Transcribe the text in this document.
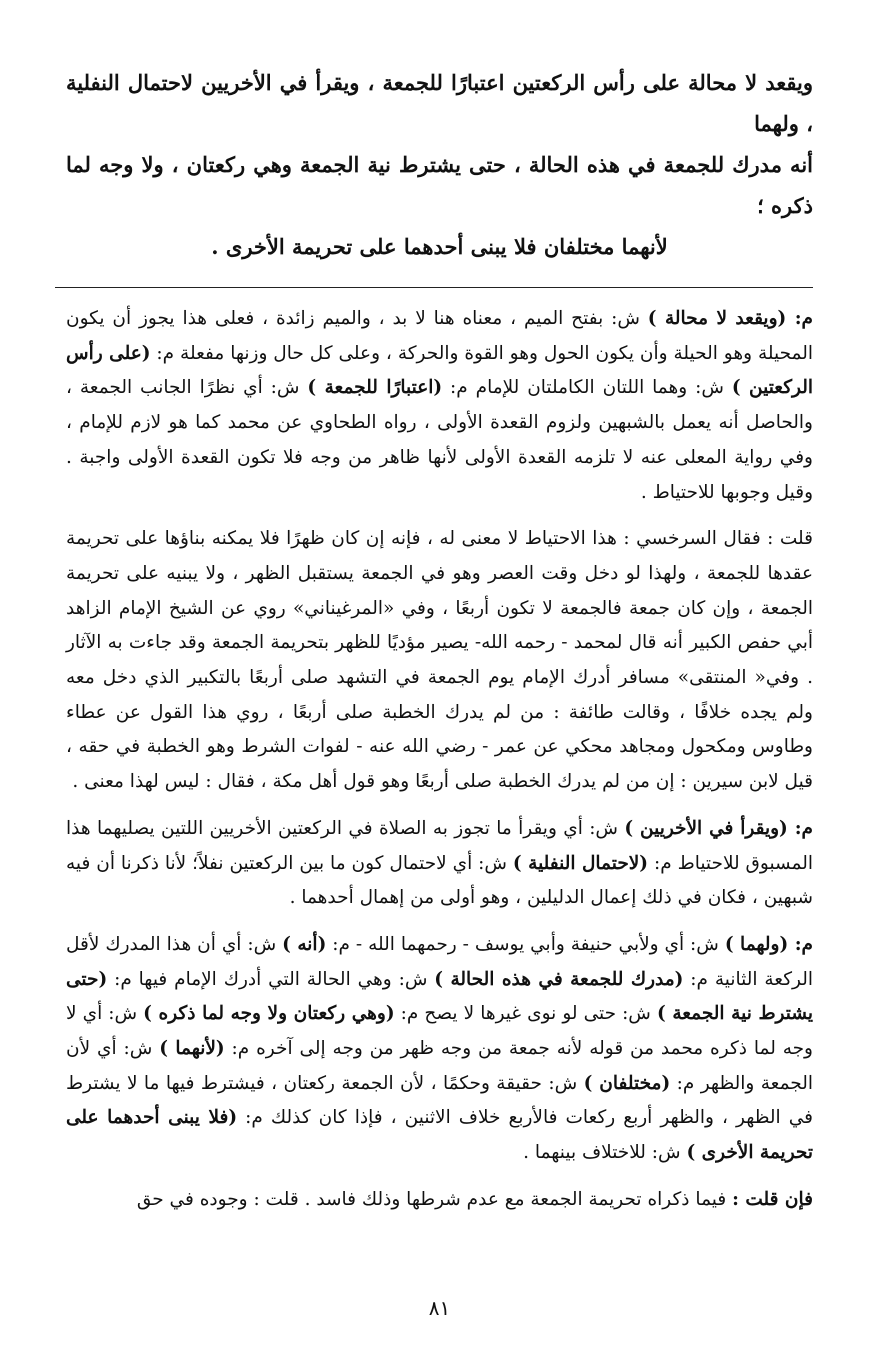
ويقعد لا محالة على رأس الركعتين اعتبارًا للجمعة ، ويقرأ في الأخريين لاحتمال النفلية ، ولهما

أنه مدرك للجمعة في هذه الحالة ، حتى يشترط نية الجمعة وهي ركعتان ، ولا وجه لما ذكره ؛

لأنهما مختلفان فلا يبنى أحدهما على تحريمة الأخرى .

م: (ويقعد لا محالة ) ش: بفتح الميم ، معناه هنا لا بد ، والميم زائدة ، فعلى هذا يجوز أن يكون المحيلة وهو الحيلة وأن يكون الحول وهو القوة والحركة ، وعلى كل حال وزنها مفعلة م: (على رأس الركعتين ) ش: وهما اللتان الكاملتان للإمام م: (اعتبارًا للجمعة ) ش: أي نظرًا الجانب الجمعة ، والحاصل أنه يعمل بالشبهين ولزوم القعدة الأولى ، رواه الطحاوي عن محمد كما هو لازم للإمام ، وفي رواية المعلى عنه لا تلزمه القعدة الأولى لأنها ظاهر من وجه فلا تكون القعدة الأولى واجبة . وقيل وجوبها للاحتياط .

قلت : فقال السرخسي : هذا الاحتياط لا معنى له ، فإنه إن كان ظهرًا فلا يمكنه بناؤها على تحريمة عقدها للجمعة ، ولهذا لو دخل وقت العصر وهو في الجمعة يستقبل الظهر ، ولا يبنيه على تحريمة الجمعة ، وإن كان جمعة فالجمعة لا تكون أربعًا ، وفي «المرغيناني» روي عن الشيخ الإمام الزاهد أبي حفص الكبير أنه قال لمحمد - رحمه الله- يصير مؤديًا للظهر بتحريمة الجمعة وقد جاءت به الآثار . وفي« المنتقى» مسافر أدرك الإمام يوم الجمعة في التشهد صلى أربعًا بالتكبير الذي دخل معه ولم يجده خلافًا ، وقالت طائفة : من لم يدرك الخطبة صلى أربعًا ، روي هذا القول عن عطاء وطاوس ومكحول ومجاهد محكي عن عمر - رضي الله عنه - لفوات الشرط وهو الخطبة في حقه ، قيل لابن سيرين : إن من لم يدرك الخطبة صلى أربعًا وهو قول أهل مكة ، فقال : ليس لهذا معنى .

م: (ويقرأ في الأخريين ) ش: أي ويقرأ ما تجوز به الصلاة في الركعتين الأخريين اللتين يصليهما هذا المسبوق للاحتياط م: (لاحتمال النفلية ) ش: أي لاحتمال كون ما بين الركعتين نفلاً؛ لأنا ذكرنا أن فيه شبهين ، فكان في ذلك إعمال الدليلين ، وهو أولى من إهمال أحدهما .

م: (ولهما ) ش: أي ولأبي حنيفة وأبي يوسف - رحمهما الله - م: (أنه ) ش: أي أن هذا المدرك لأقل الركعة الثانية م: (مدرك للجمعة في هذه الحالة ) ش: وهي الحالة التي أدرك الإمام فيها م: (حتى يشترط نية الجمعة ) ش: حتى لو نوى غيرها لا يصح م: (وهي ركعتان ولا وجه لما ذكره ) ش: أي لا وجه لما ذكره محمد من قوله لأنه جمعة من وجه ظهر من وجه إلى آخره م: (لأنهما ) ش: أي لأن الجمعة والظهر م: (مختلفان ) ش: حقيقة وحكمًا ، لأن الجمعة ركعتان ، فيشترط فيها ما لا يشترط في الظهر ، والظهر أربع ركعات فالأربع خلاف الاثنين ، فإذا كان كذلك م: (فلا يبنى أحدهما على تحريمة الأخرى ) ش: للاختلاف بينهما .

فإن قلت : فيما ذكراه تحريمة الجمعة مع عدم شرطها وذلك فاسد . قلت : وجوده في حق

٨١
